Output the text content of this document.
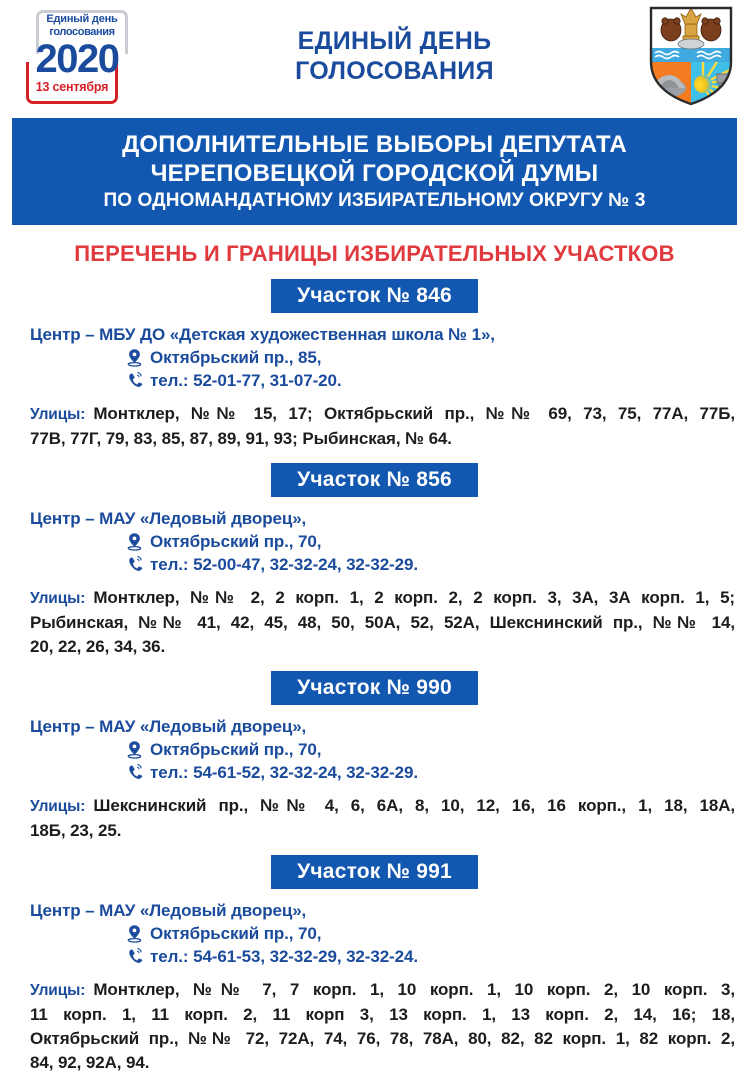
Единый день
голосования
2020
13 сентября
ЕДИНЫЙ ДЕНЬ
ГОЛОСОВАНИЯ
ДОПОЛНИТЕЛЬНЫЕ ВЫБОРЫ ДЕПУТАТА
ЧЕРЕПОВЕЦКОЙ ГОРОДСКОЙ ДУМЫ
ПО ОДНОМАНДАТНОМУ ИЗБИРАТЕЛЬНОМУ ОКРУГУ № 3
ПЕРЕЧЕНЬ И ГРАНИЦЫ ИЗБИРАТЕЛЬНЫХ УЧАСТКОВ
Участок № 846
Центр – МБУ ДО «Детская художественная школа № 1»,
Октябрьский пр., 85,
тел.: 52-01-77, 31-07-20.
Улицы: Монтклер, №№ 15, 17; Октябрьский пр., №№ 69, 73, 75, 77А, 77Б,
77В, 77Г, 79, 83, 85, 87, 89, 91, 93; Рыбинская, № 64.
Участок № 856
Центр – МАУ «Ледовый дворец»,
Октябрьский пр., 70,
тел.: 52-00-47, 32-32-24, 32-32-29.
Улицы: Монтклер, №№ 2, 2 корп. 1, 2 корп. 2, 2 корп. 3, 3А, 3А корп. 1, 5;
Рыбинская, №№ 41, 42, 45, 48, 50, 50А, 52, 52А, Шекснинский пр., №№ 14,
20, 22, 26, 34, 36.
Участок № 990
Центр – МАУ «Ледовый дворец»,
Октябрьский пр., 70,
тел.: 54-61-52, 32-32-24, 32-32-29.
Улицы: Шекснинский пр., №№ 4, 6, 6А, 8, 10, 12, 16, 16 корп., 1, 18, 18А,
18Б, 23, 25.
Участок № 991
Центр – МАУ «Ледовый дворец»,
Октябрьский пр., 70,
тел.: 54-61-53, 32-32-29, 32-32-24.
Улицы: Монтклер, №№ 7, 7 корп. 1, 10 корп. 1, 10 корп. 2, 10 корп. 3,
11 корп. 1, 11 корп. 2, 11 корп 3, 13 корп. 1, 13 корп. 2, 14, 16; 18,
Октябрьский пр., №№ 72, 72А, 74, 76, 78, 78А, 80, 82, 82 корп. 1, 82 корп. 2,
84, 92, 92А, 94.
